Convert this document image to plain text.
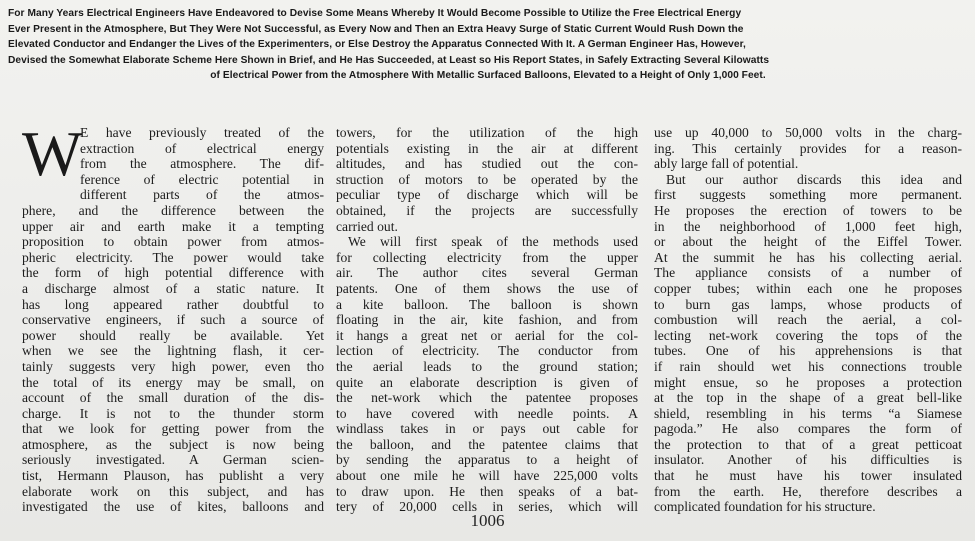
For Many Years Electrical Engineers Have Endeavored to Devise Some Means Whereby It Would Become Possible to Utilize the Free Electrical Energy
Ever Present in the Atmosphere, But They Were Not Successful, as Every Now and Then an Extra Heavy Surge of Static Current Would Rush Down the
Elevated Conductor and Endanger the Lives of the Experimenters, or Else Destroy the Apparatus Connected With It. A German Engineer Has, However,
Devised the Somewhat Elaborate Scheme Here Shown in Brief, and He Has Succeeded, at Least so His Report States, in Safely Extracting Several Kilowatts
of Electrical Power from the Atmosphere With Metallic Surfaced Balloons, Elevated to a Height of Only 1,000 Feet.
W
E have previously treated of the
extraction of electrical energy
from the atmosphere. The dif-
ference of electric potential in
different parts of the atmos-
phere, and the difference between the
upper air and earth make it a tempting
proposition to obtain power from atmos-
pheric electricity. The power would take
the form of high potential difference with
a discharge almost of a static nature. It
has long appeared rather doubtful to
conservative engineers, if such a source of
power should really be available. Yet
when we see the lightning flash, it cer-
tainly suggests very high power, even tho
the total of its energy may be small, on
account of the small duration of the dis-
charge. It is not to the thunder storm
that we look for getting power from the
atmosphere, as the subject is now being
seriously investigated. A German scien-
tist, Hermann Plauson, has publisht a very
elaborate work on this subject, and has
investigated the use of kites, balloons and
towers, for the utilization of the high
potentials existing in the air at different
altitudes, and has studied out the con-
struction of motors to be operated by the
peculiar type of discharge which will be
obtained, if the projects are successfully
carried out.
We will first speak of the methods used
for collecting electricity from the upper
air. The author cites several German
patents. One of them shows the use of
a kite balloon. The balloon is shown
floating in the air, kite fashion, and from
it hangs a great net or aerial for the col-
lection of electricity. The conductor from
the aerial leads to the ground station;
quite an elaborate description is given of
the net-work which the patentee proposes
to have covered with needle points. A
windlass takes in or pays out cable for
the balloon, and the patentee claims that
by sending the apparatus to a height of
about one mile he will have 225,000 volts
to draw upon. He then speaks of a bat-
tery of 20,000 cells in series, which will
use up 40,000 to 50,000 volts in the charg-
ing. This certainly provides for a reason-
ably large fall of potential.
But our author discards this idea and
first suggests something more permanent.
He proposes the erection of towers to be
in the neighborhood of 1,000 feet high,
or about the height of the Eiffel Tower.
At the summit he has his collecting aerial.
The appliance consists of a number of
copper tubes; within each one he proposes
to burn gas lamps, whose products of
combustion will reach the aerial, a col-
lecting net-work covering the tops of the
tubes. One of his apprehensions is that
if rain should wet his connections trouble
might ensue, so he proposes a protection
at the top in the shape of a great bell-like
shield, resembling in his terms “a Siamese
pagoda.” He also compares the form of
the protection to that of a great petticoat
insulator. Another of his difficulties is
that he must have his tower insulated
from the earth. He, therefore describes a
complicated foundation for his structure.
1006
